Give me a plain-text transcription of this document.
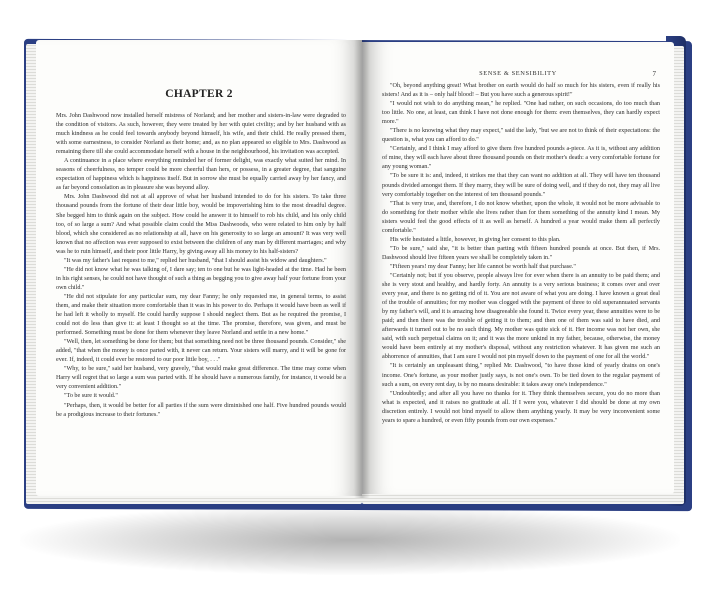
CHAPTER 2

Mrs. John Dashwood now installed herself mistress of Norland; and her mother and sisters-in-law were degraded to the condition of visitors. As such, however, they were treated by her with quiet civility; and by her husband with as much kindness as he could feel towards anybody beyond himself, his wife, and their child. He really pressed them, with some earnestness, to consider Norland as their home; and, as no plan appeared so eligible to Mrs. Dashwood as remaining there till she could accommodate herself with a house in the neighbourhood, his invitation was accepted.

A continuance in a place where everything reminded her of former delight, was exactly what suited her mind. In seasons of cheerfulness, no temper could be more cheerful than hers, or possess, in a greater degree, that sanguine expectation of happiness which is happiness itself. But in sorrow she must be equally carried away by her fancy, and as far beyond consolation as in pleasure she was beyond alloy.

Mrs. John Dashwood did not at all approve of what her husband intended to do for his sisters. To take three thousand pounds from the fortune of their dear little boy, would be impoverishing him to the most dreadful degree. She begged him to think again on the subject. How could he answer it to himself to rob his child, and his only child too, of so large a sum? And what possible claim could the Miss Dashwoods, who were related to him only by half blood, which she considered as no relationship at all, have on his generosity to so large an amount? It was very well known that no affection was ever supposed to exist between the children of any man by different marriages; and why was he to ruin himself, and their poor little Harry, by giving away all his money to his half-sisters?

"It was my father's last request to me," replied her husband, "that I should assist his widow and daughters."

"He did not know what he was talking of, I dare say; ten to one but he was light-headed at the time. Had he been in his right senses, he could not have thought of such a thing as begging you to give away half your fortune from your own child."

"He did not stipulate for any particular sum, my dear Fanny; he only requested me, in general terms, to assist them, and make their situation more comfortable than it was in his power to do. Perhaps it would have been as well if he had left it wholly to myself. He could hardly suppose I should neglect them. But as he required the promise, I could not do less than give it: at least I thought so at the time. The promise, therefore, was given, and must be performed. Something must be done for them whenever they leave Norland and settle in a new home."

"Well, then, let something be done for them; but that something need not be three thousand pounds. Consider," she added, "that when the money is once parted with, it never can return. Your sisters will marry, and it will be gone for ever. If, indeed, it could ever be restored to our poor little boy, . . ."

"Why, to be sure," said her husband, very gravely, "that would make great difference. The time may come when Harry will regret that so large a sum was parted with. If he should have a numerous family, for instance, it would be a very convenient addition."

"To be sure it would."

"Perhaps, then, it would be better for all parties if the sum were diminished one half. Five hundred pounds would be a prodigious increase to their fortunes."

SENSE & SENSIBILITY	7

"Oh, beyond anything great! What brother on earth would do half so much for his sisters, even if really his sisters! And as it is – only half blood! – But you have such a generous spirit!"

"I would not wish to do anything mean," he replied. "One had rather, on such occasions, do too much than too little. No one, at least, can think I have not done enough for them: even themselves, they can hardly expect more."

"There is no knowing what they may expect," said the lady, "but we are not to think of their expectations: the question is, what you can afford to do."

"Certainly, and I think I may afford to give them five hundred pounds a-piece. As it is, without any addition of mine, they will each have about three thousand pounds on their mother's death: a very comfortable fortune for any young woman."

"To be sure it is: and, indeed, it strikes me that they can want no addition at all. They will have ten thousand pounds divided amongst them. If they marry, they will be sure of doing well, and if they do not, they may all live very comfortably together on the interest of ten thousand pounds."

"That is very true, and, therefore, I do not know whether, upon the whole, it would not be more advisable to do something for their mother while she lives rather than for them something of the annuity kind I mean. My sisters would feel the good effects of it as well as herself. A hundred a year would make them all perfectly comfortable."

His wife hesitated a little, however, in giving her consent to this plan.

"To be sure," said she, "it is better than parting with fifteen hundred pounds at once. But then, if Mrs. Dashwood should live fifteen years we shall be completely taken in."

"Fifteen years! my dear Fanny; her life cannot be worth half that purchase."

"Certainly not; but if you observe, people always live for ever when there is an annuity to be paid them; and she is very stout and healthy, and hardly forty. An annuity is a very serious business; it comes over and over every year, and there is no getting rid of it. You are not aware of what you are doing. I have known a great deal of the trouble of annuities; for my mother was clogged with the payment of three to old superannuated servants by my father's will, and it is amazing how disagreeable she found it. Twice every year, these annuities were to be paid; and then there was the trouble of getting it to them; and then one of them was said to have died, and afterwards it turned out to be no such thing. My mother was quite sick of it. Her income was not her own, she said, with such perpetual claims on it; and it was the more unkind in my father, because, otherwise, the money would have been entirely at my mother's disposal, without any restriction whatever. It has given me such an abhorrence of annuities, that I am sure I would not pin myself down to the payment of one for all the world."

"It is certainly an unpleasant thing," replied Mr. Dashwood, "to have those kind of yearly drains on one's income. One's fortune, as your mother justly says, is not one's own. To be tied down to the regular payment of such a sum, on every rent day, is by no means desirable: it takes away one's independence."

"Undoubtedly; and after all you have no thanks for it. They think themselves secure, you do no more than what is expected, and it raises no gratitude at all. If I were you, whatever I did should be done at my own discretion entirely. I would not bind myself to allow them anything yearly. It may be very inconvenient some years to spare a hundred, or even fifty pounds from our own expenses."
